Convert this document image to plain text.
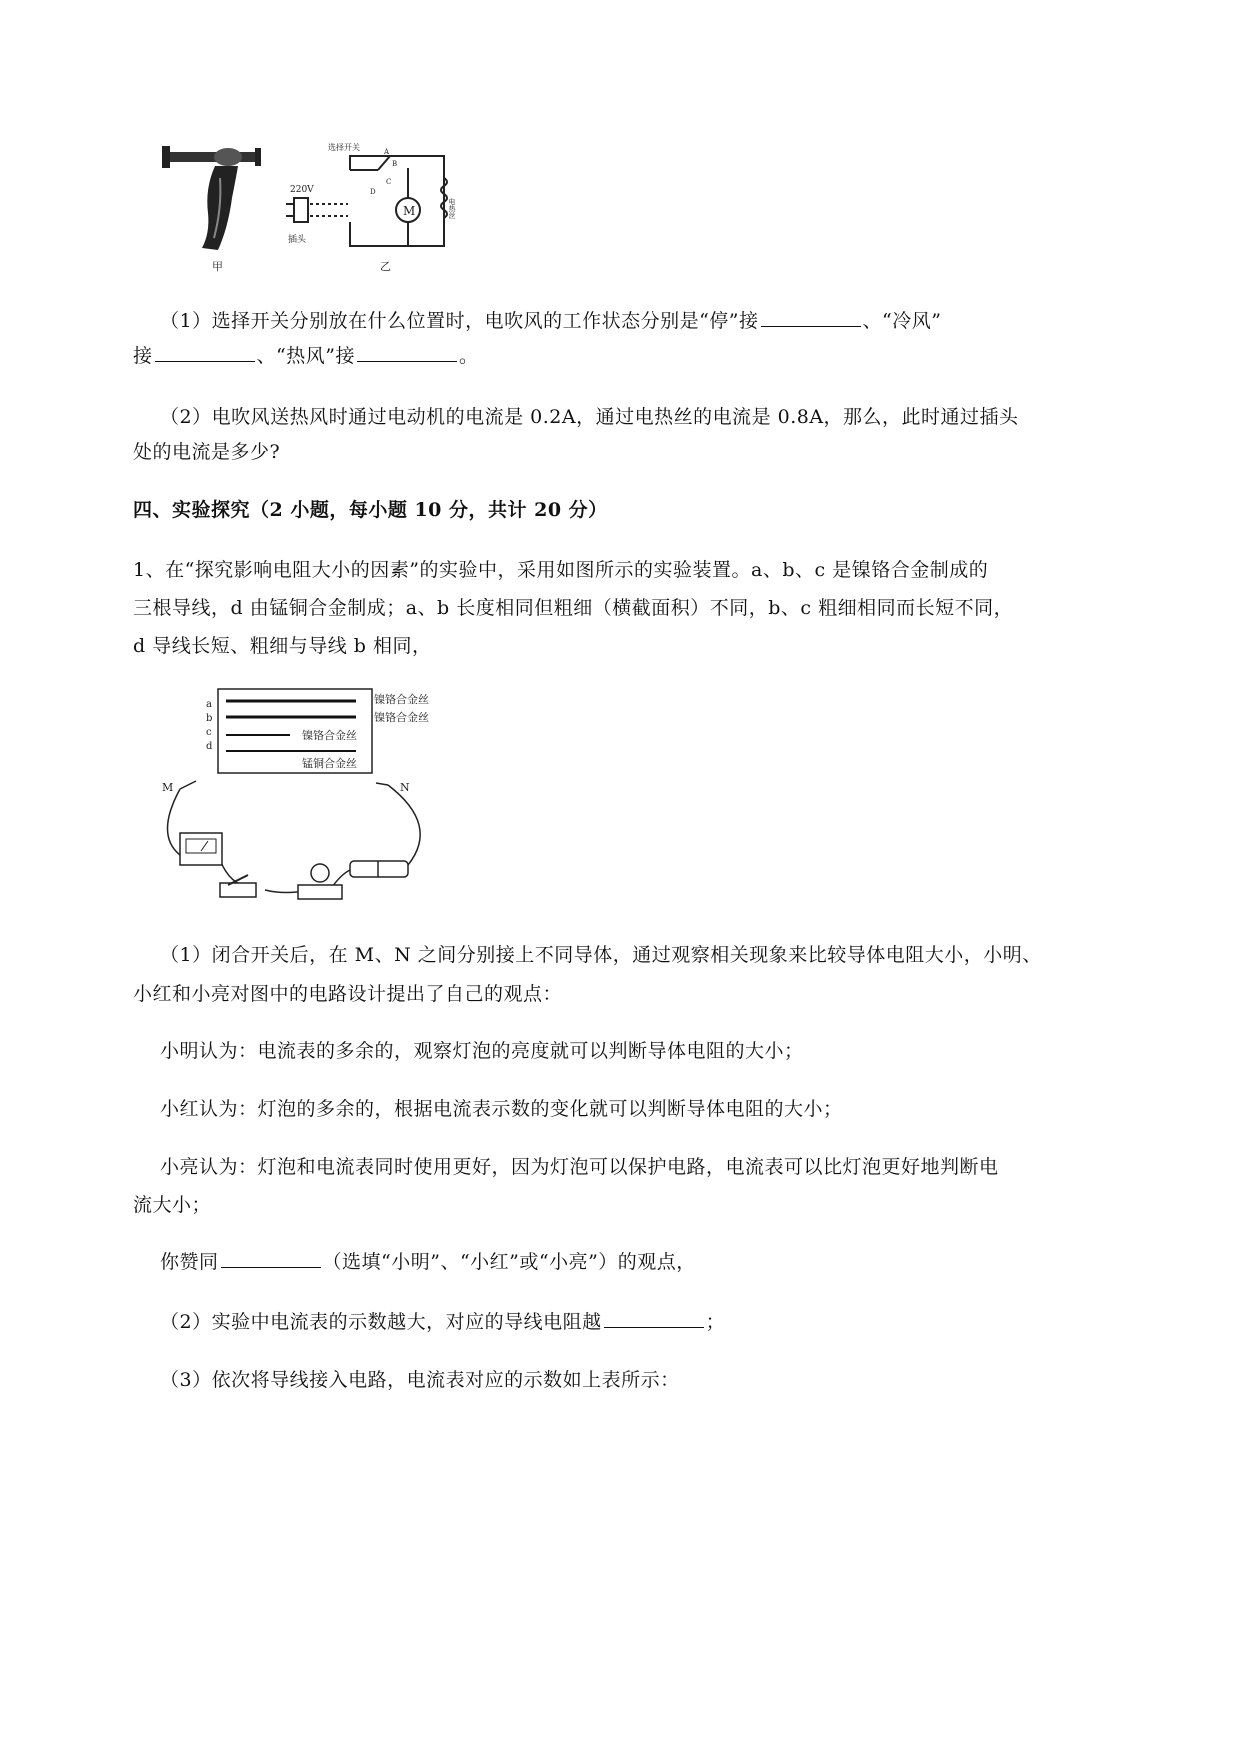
甲
M
220V
插头
选择开关
电热丝
A
B
C
D
乙
（1）选择开关分别放在什么位置时，电吹风的工作状态分别是“停”接	、“冷风”
接	、“热风”接	。
（2）电吹风送热风时通过电动机的电流是 0.2A，通过电热丝的电流是 0.8A，那么，此时通过插头
处的电流是多少?
四、实验探究（2 小题，每小题 10 分，共计 20 分）
1、在“探究影响电阻大小的因素”的实验中，采用如图所示的实验装置。a、b、c 是镍铬合金制成的
三根导线，d 由锰铜合金制成；a、b 长度相同但粗细（横截面积）不同，b、c 粗细相同而长短不同，
d 导线长短、粗细与导线 b 相同，
a
b
c
d
镍铬合金丝
镍铬合金丝
镍铬合金丝
锰铜合金丝
M	N
（1）闭合开关后，在 M、N 之间分别接上不同导体，通过观察相关现象来比较导体电阻大小，小明、
小红和小亮对图中的电路设计提出了自己的观点：
小明认为：电流表的多余的，观察灯泡的亮度就可以判断导体电阻的大小；
小红认为：灯泡的多余的，根据电流表示数的变化就可以判断导体电阻的大小；
小亮认为：灯泡和电流表同时使用更好，因为灯泡可以保护电路，电流表可以比灯泡更好地判断电
流大小；
你赞同	（选填“小明”、“小红”或“小亮”）的观点，
（2）实验中电流表的示数越大，对应的导线电阻越	；
（3）依次将导线接入电路，电流表对应的示数如上表所示：
